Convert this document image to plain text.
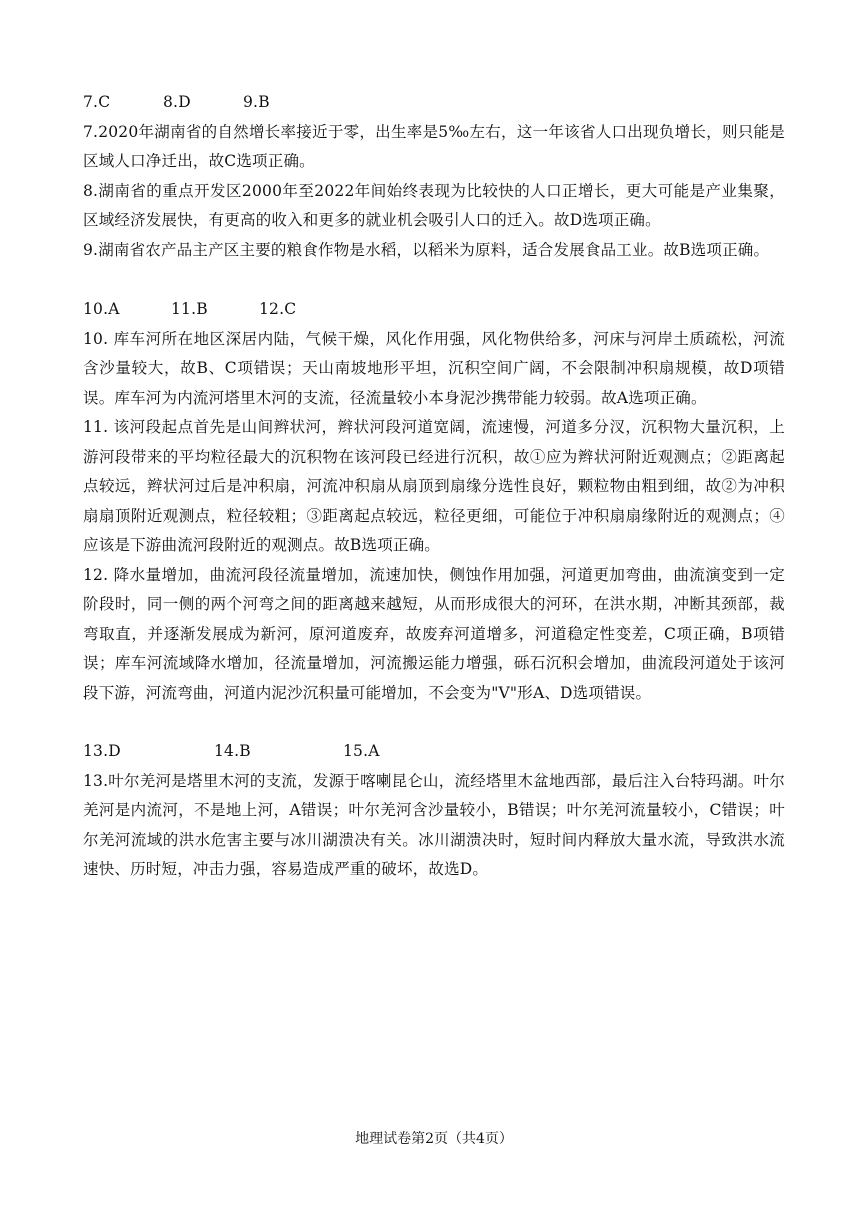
7.C	8.D	9.B

7.2020年湖南省的自然增长率接近于零，出生率是5‰左右，这一年该省人口出现负增长，则只能是区域人口净迁出，故C选项正确。

8.湖南省的重点开发区2000年至2022年间始终表现为比较快的人口正增长，更大可能是产业集聚，区域经济发展快，有更高的收入和更多的就业机会吸引人口的迁入。故D选项正确。

9.湖南省农产品主产区主要的粮食作物是水稻，以稻米为原料，适合发展食品工业。故B选项正确。

10.A	11.B	12.C

10. 库车河所在地区深居内陆，气候干燥，风化作用强，风化物供给多，河床与河岸土质疏松，河流含沙量较大，故B、C项错误；天山南坡地形平坦，沉积空间广阔，不会限制冲积扇规模，故D项错误。库车河为内流河塔里木河的支流，径流量较小本身泥沙携带能力较弱。故A选项正确。

11. 该河段起点首先是山间辫状河，辫状河段河道宽阔，流速慢，河道多分汊，沉积物大量沉积，上游河段带来的平均粒径最大的沉积物在该河段已经进行沉积，故①应为辫状河附近观测点；②距离起点较远，辫状河过后是冲积扇，河流冲积扇从扇顶到扇缘分选性良好，颗粒物由粗到细，故②为冲积扇扇顶附近观测点，粒径较粗；③距离起点较远，粒径更细，可能位于冲积扇扇缘附近的观测点；④应该是下游曲流河段附近的观测点。故B选项正确。

12. 降水量增加，曲流河段径流量增加，流速加快，侧蚀作用加强，河道更加弯曲，曲流演变到一定阶段时，同一侧的两个河弯之间的距离越来越短，从而形成很大的河环，在洪水期，冲断其颈部，裁弯取直，并逐渐发展成为新河，原河道废弃，故废弃河道增多，河道稳定性变差，C项正确，B项错误；库车河流域降水增加，径流量增加，河流搬运能力增强，砾石沉积会增加，曲流段河道处于该河段下游，河流弯曲，河道内泥沙沉积量可能增加，不会变为"V"形A、D选项错误。

13.D	14.B	15.A

13.叶尔羌河是塔里木河的支流，发源于喀喇昆仑山，流经塔里木盆地西部，最后注入台特玛湖。叶尔羌河是内流河，不是地上河，A错误；叶尔羌河含沙量较小，B错误；叶尔羌河流量较小，C错误；叶尔羌河流域的洪水危害主要与冰川湖溃决有关。冰川湖溃决时，短时间内释放大量水流，导致洪水流速快、历时短，冲击力强，容易造成严重的破坏，故选D。

地理试卷第2页（共4页）
